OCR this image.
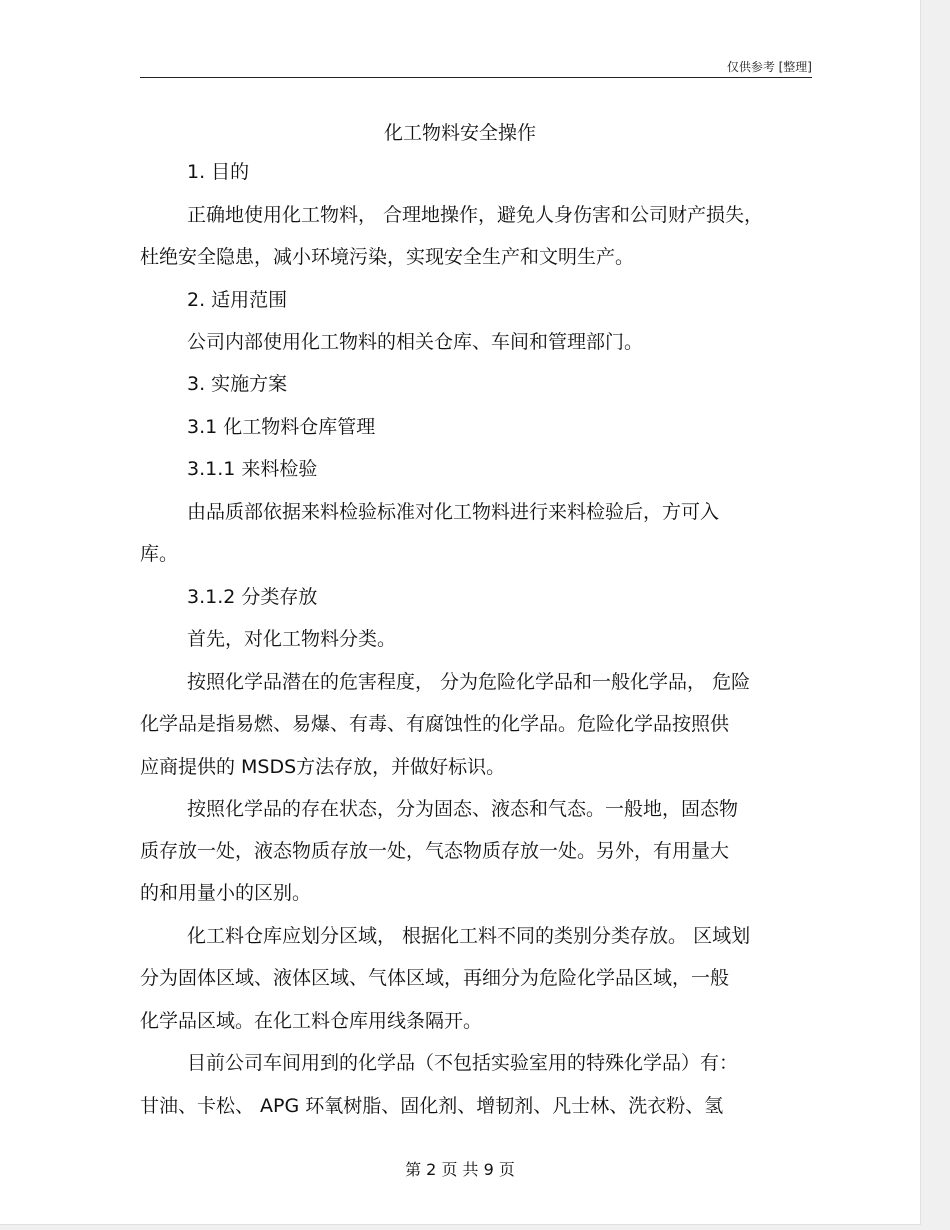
仅供参考 [整理]
化工物料安全操作
1. 目的
正确地使用化工物料， 合理地操作，避免人身伤害和公司财产损失，
杜绝安全隐患，减小环境污染，实现安全生产和文明生产。
2. 适用范围
公司内部使用化工物料的相关仓库、车间和管理部门。
3. 实施方案
3.1 化工物料仓库管理
3.1.1 来料检验
由品质部依据来料检验标准对化工物料进行来料检验后，方可入
库。
3.1.2 分类存放
首先，对化工物料分类。
按照化学品潜在的危害程度， 分为危险化学品和一般化学品， 危险
化学品是指易燃、易爆、有毒、有腐蚀性的化学品。危险化学品按照供
应商提供的 MSDS方法存放，并做好标识。
按照化学品的存在状态，分为固态、液态和气态。一般地，固态物
质存放一处，液态物质存放一处，气态物质存放一处。另外，有用量大
的和用量小的区别。
化工料仓库应划分区域， 根据化工料不同的类别分类存放。 区域划
分为固体区域、液体区域、气体区域，再细分为危险化学品区域，一般
化学品区域。在化工料仓库用线条隔开。
目前公司车间用到的化学品（不包括实验室用的特殊化学品）有：
甘油、卡松、 APG 环氧树脂、固化剂、增韧剂、凡士林、洗衣粉、氢
第 2 页 共 9 页
